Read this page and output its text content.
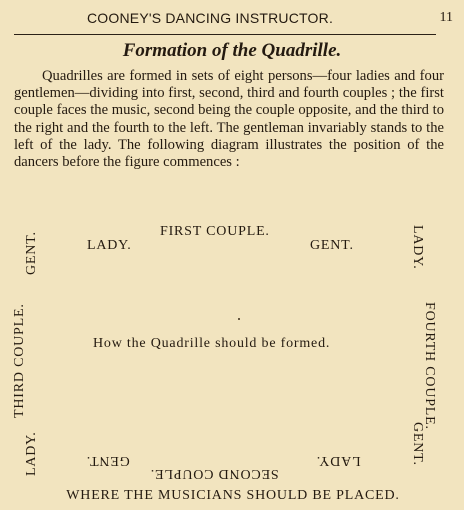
COONEY'S DANCING INSTRUCTOR.	11
Formation of the Quadrille.
Quadrilles are formed in sets of eight persons—four ladies and four gentlemen—dividing into first, second, third and fourth couples ; the first couple faces the music, second being the couple opposite, and the third to the right and the fourth to the left. The gentleman invariably stands to the left of the lady. The following diagram illustrates the position of the dancers before the figure commences :
FIRST COUPLE.
LADY.	GENT.
GENT.
THIRD COUPLE.
LADY.
LADY.
FOURTH COUPLE.
GENT.
How the Quadrille should be formed.
GENT.
SECOND COUPLE.
LADY.
WHERE THE MUSICIANS SHOULD BE PLACED.
